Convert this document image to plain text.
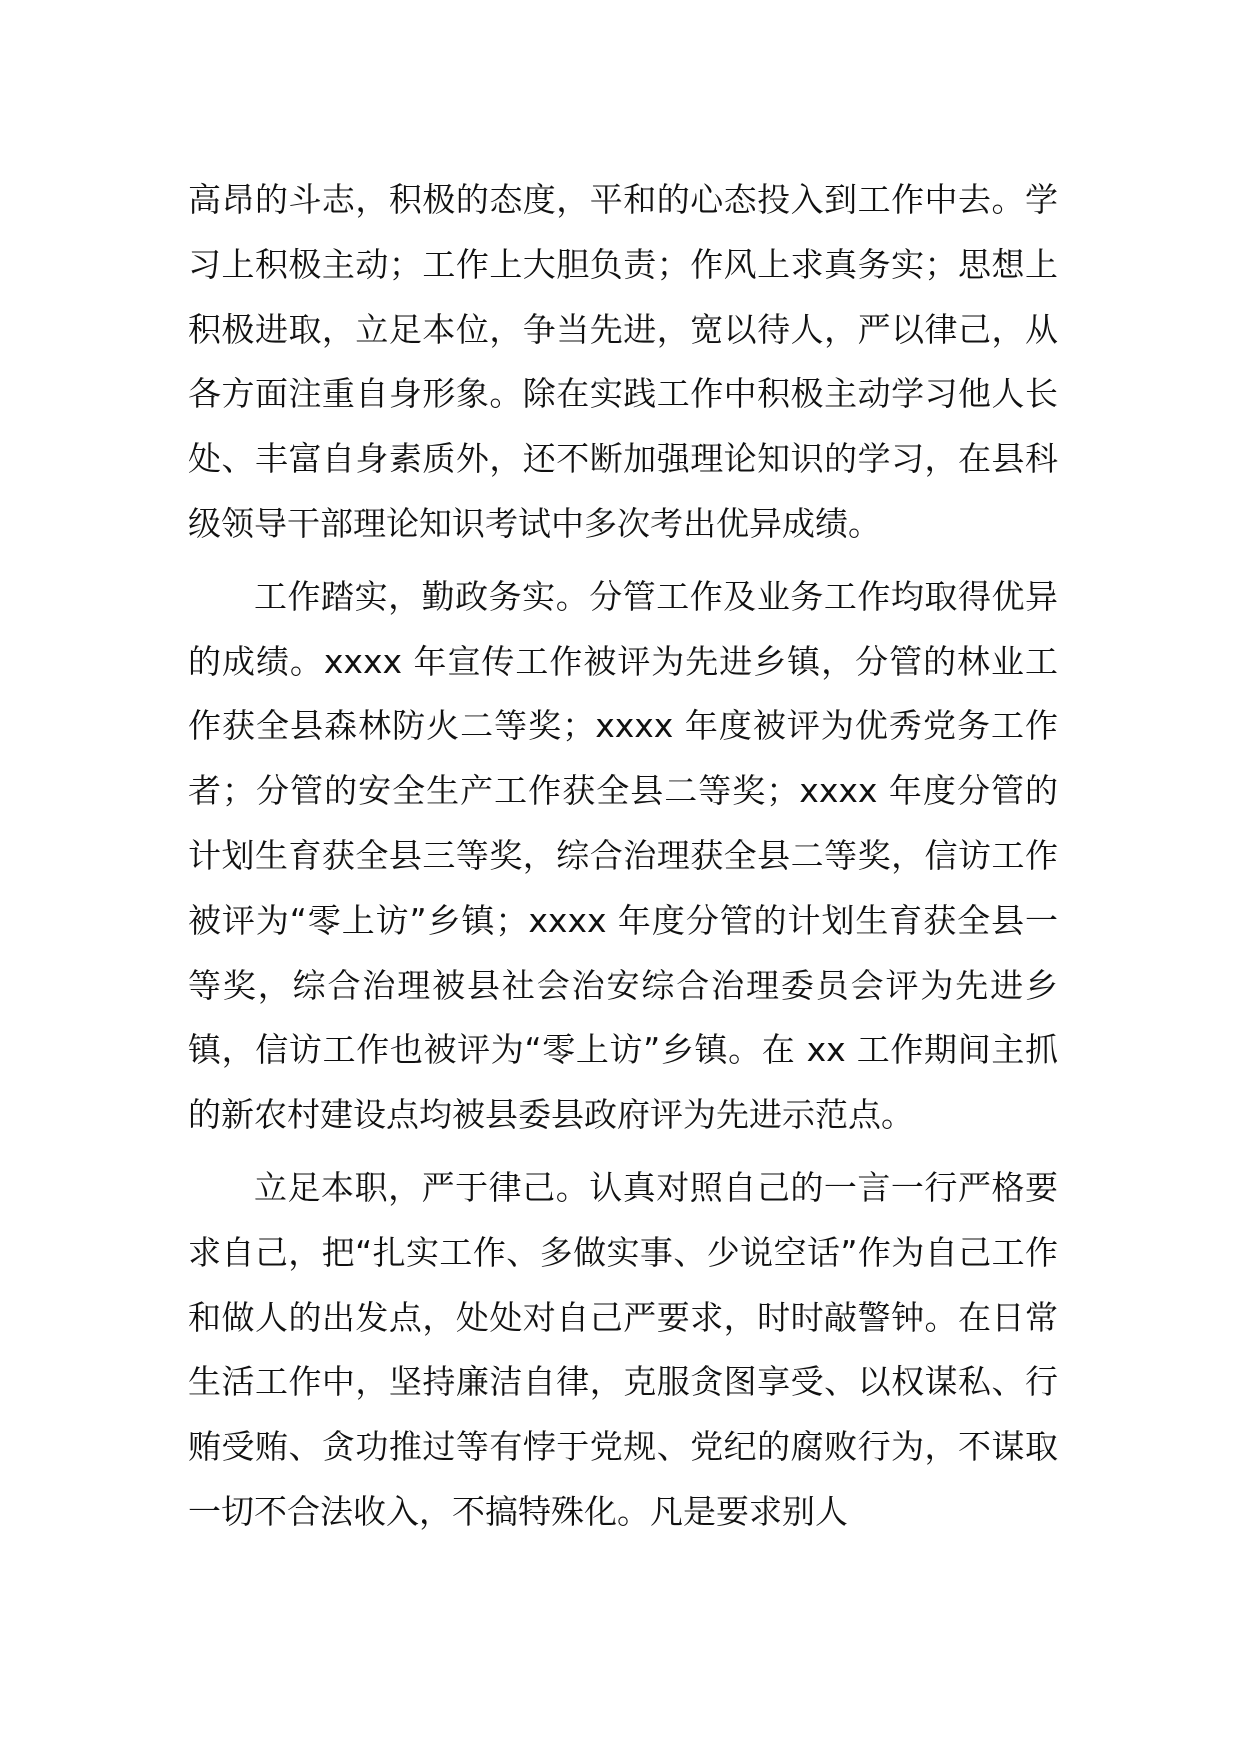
高昂的斗志，积极的态度，平和的心态投入到工作中去。学习上积极主动；工作上大胆负责；作风上求真务实；思想上积极进取，立足本位，争当先进，宽以待人，严以律己，从各方面注重自身形象。除在实践工作中积极主动学习他人长处、丰富自身素质外，还不断加强理论知识的学习，在县科级领导干部理论知识考试中多次考出优异成绩。

工作踏实，勤政务实。分管工作及业务工作均取得优异的成绩。xxxx 年宣传工作被评为先进乡镇，分管的林业工作获全县森林防火二等奖；xxxx 年度被评为优秀党务工作者；分管的安全生产工作获全县二等奖；xxxx 年度分管的计划生育获全县三等奖，综合治理获全县二等奖，信访工作被评为“零上访”乡镇；xxxx 年度分管的计划生育获全县一等奖，综合治理被县社会治安综合治理委员会评为先进乡镇，信访工作也被评为“零上访”乡镇。在 xx 工作期间主抓的新农村建设点均被县委县政府评为先进示范点。

立足本职，严于律己。认真对照自己的一言一行严格要求自己，把“扎实工作、多做实事、少说空话”作为自己工作和做人的出发点，处处对自己严要求，时时敲警钟。在日常生活工作中，坚持廉洁自律，克服贪图享受、以权谋私、行贿受贿、贪功推过等有悖于党规、党纪的腐败行为，不谋取一切不合法收入，不搞特殊化。凡是要求别人
